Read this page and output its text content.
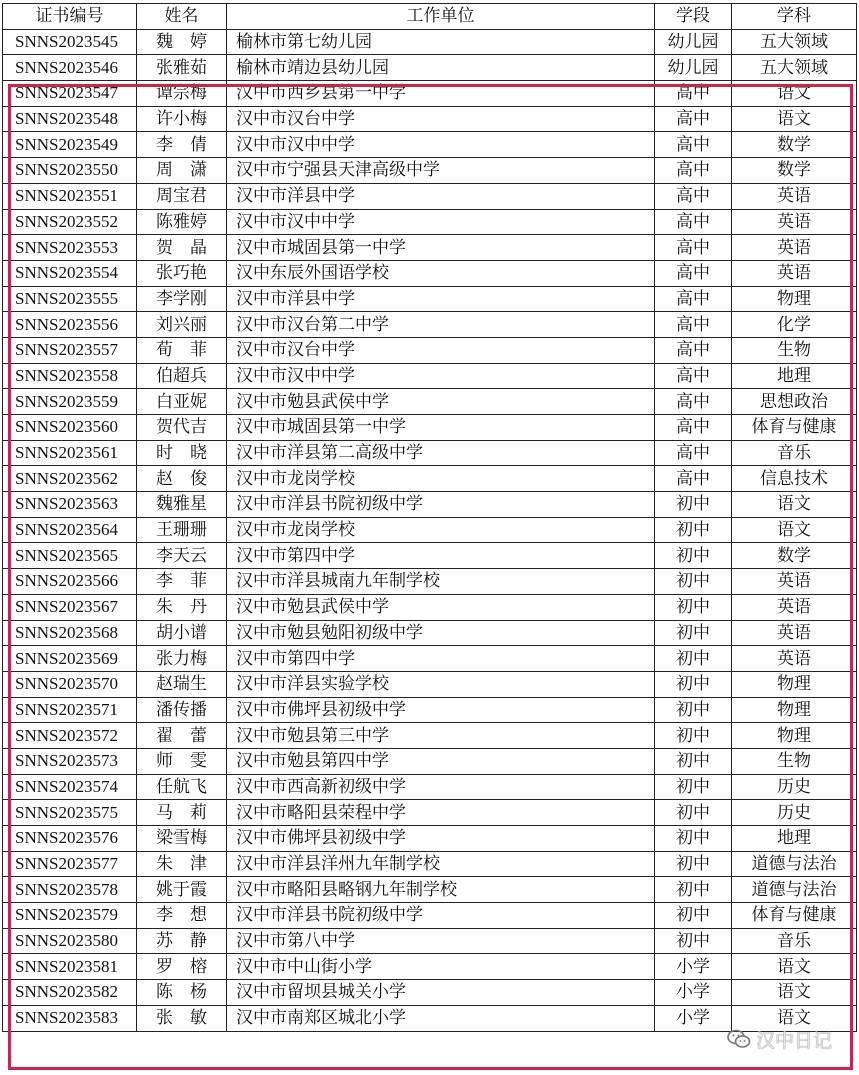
证书编号	姓名	工作单位	学段	学科
SNNS2023545	魏　婷	榆林市第七幼儿园	幼儿园	五大领域
SNNS2023546	张雅茹	榆林市靖边县幼儿园	幼儿园	五大领域
SNNS2023547	谭宗梅	汉中市西乡县第一中学	高中	语文
SNNS2023548	许小梅	汉中市汉台中学	高中	语文
SNNS2023549	李　倩	汉中市汉中中学	高中	数学
SNNS2023550	周　潇	汉中市宁强县天津高级中学	高中	数学
SNNS2023551	周宝君	汉中市洋县中学	高中	英语
SNNS2023552	陈雅婷	汉中市汉中中学	高中	英语
SNNS2023553	贺　晶	汉中市城固县第一中学	高中	英语
SNNS2023554	张巧艳	汉中东辰外国语学校	高中	英语
SNNS2023555	李学刚	汉中市洋县中学	高中	物理
SNNS2023556	刘兴丽	汉中市汉台第二中学	高中	化学
SNNS2023557	荀　菲	汉中市汉台中学	高中	生物
SNNS2023558	伯超兵	汉中市汉中中学	高中	地理
SNNS2023559	白亚妮	汉中市勉县武侯中学	高中	思想政治
SNNS2023560	贺代吉	汉中市城固县第一中学	高中	体育与健康
SNNS2023561	时　晓	汉中市洋县第二高级中学	高中	音乐
SNNS2023562	赵　俊	汉中市龙岗学校	高中	信息技术
SNNS2023563	魏雅星	汉中市洋县书院初级中学	初中	语文
SNNS2023564	王珊珊	汉中市龙岗学校	初中	语文
SNNS2023565	李天云	汉中市第四中学	初中	数学
SNNS2023566	李　菲	汉中市洋县城南九年制学校	初中	英语
SNNS2023567	朱　丹	汉中市勉县武侯中学	初中	英语
SNNS2023568	胡小谱	汉中市勉县勉阳初级中学	初中	英语
SNNS2023569	张力梅	汉中市第四中学	初中	英语
SNNS2023570	赵瑞生	汉中市洋县实验学校	初中	物理
SNNS2023571	潘传播	汉中市佛坪县初级中学	初中	物理
SNNS2023572	翟　蕾	汉中市勉县第三中学	初中	物理
SNNS2023573	师　雯	汉中市勉县第四中学	初中	生物
SNNS2023574	任航飞	汉中市西高新初级中学	初中	历史
SNNS2023575	马　莉	汉中市略阳县荣程中学	初中	历史
SNNS2023576	梁雪梅	汉中市佛坪县初级中学	初中	地理
SNNS2023577	朱　津	汉中市洋县洋州九年制学校	初中	道德与法治
SNNS2023578	姚于霞	汉中市略阳县略钢九年制学校	初中	道德与法治
SNNS2023579	李　想	汉中市洋县书院初级中学	初中	体育与健康
SNNS2023580	苏　静	汉中市第八中学	初中	音乐
SNNS2023581	罗　榕	汉中市中山街小学	小学	语文
SNNS2023582	陈　杨	汉中市留坝县城关小学	小学	语文
SNNS2023583	张　敏	汉中市南郑区城北小学	小学	语文
汉中日记
